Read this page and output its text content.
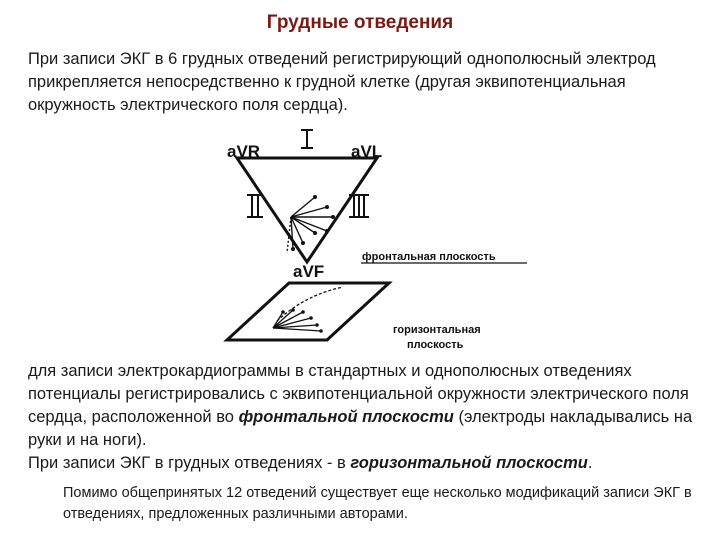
Грудные отведения
При записи ЭКГ в 6 грудных отведений регистрирующий однополюсный электрод прикрепляется непосредственно к грудной клетке (другая эквипотенциальная окружность электрического поля сердца).
aVR	aVL
aVF
фронтальная плоскость
горизонтальная
плоскость
для записи электрокардиограммы в стандартных и однополюсных отведениях потенциалы регистрировались с эквипотенциальной окружности электрического поля сердца, расположенной во фронтальной плоскости (электроды накладывались на руки и на ноги).
При записи ЭКГ в грудных отведениях - в горизонтальной плоскости.
Помимо общепринятых 12 отведений существует еще несколько модификаций записи ЭКГ в отведениях, предложенных различными авторами.
